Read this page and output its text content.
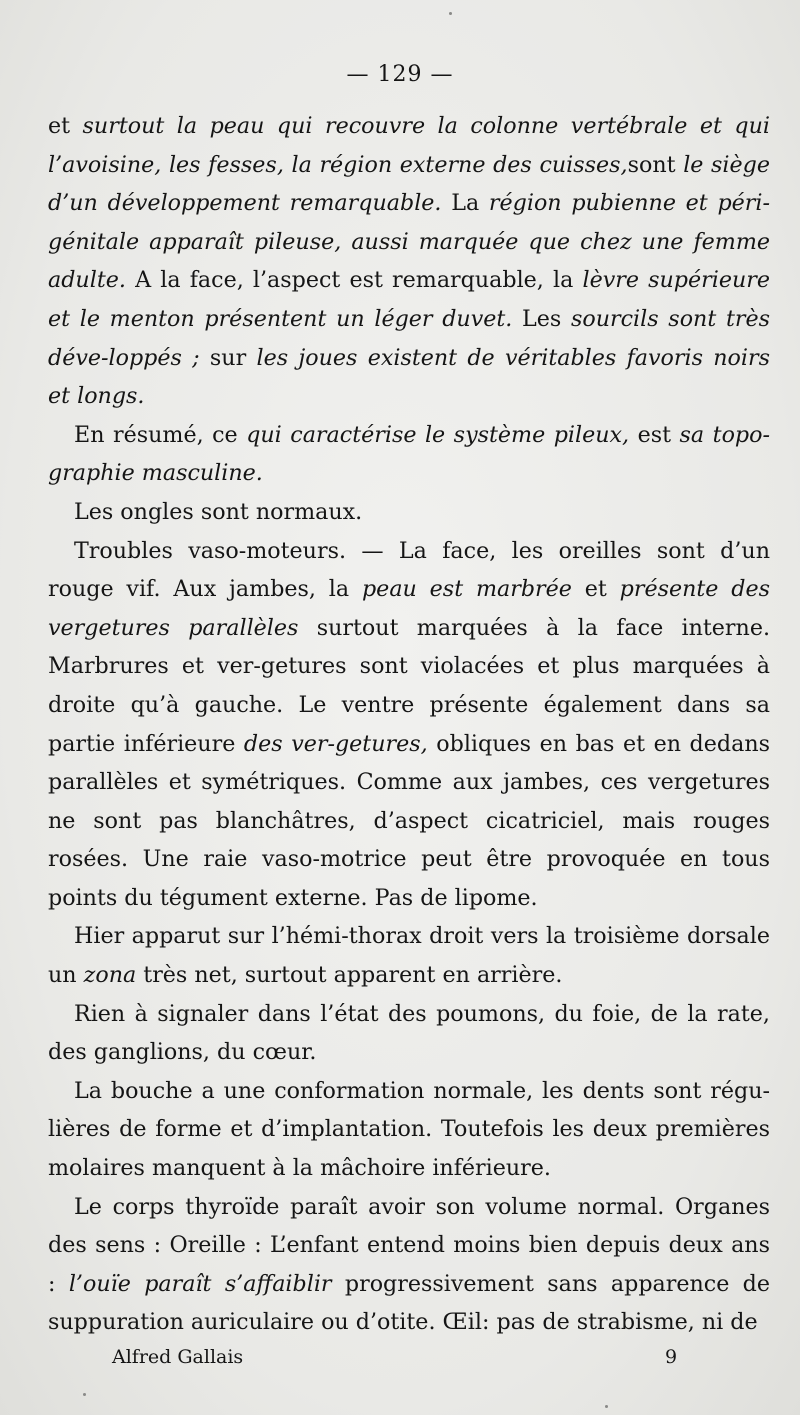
— 129 —

et surtout la peau qui recouvre la colonne vertébrale et qui l’avoisine, les fesses, la région externe des cuisses,sont le siège d’un développement remarquable. La région pubienne et péri-génitale apparaît pileuse, aussi marquée que chez une femme adulte. A la face, l’aspect est remarquable, la lèvre supérieure et le menton présentent un léger duvet. Les sourcils sont très déve-loppés ; sur les joues existent de véritables favoris noirs et longs.

En résumé, ce qui caractérise le système pileux, est sa topo-graphie masculine.

Les ongles sont normaux.

Troubles vaso-moteurs. — La face, les oreilles sont d’un rouge vif. Aux jambes, la peau est marbrée et présente des vergetures parallèles surtout marquées à la face interne. Marbrures et ver-getures sont violacées et plus marquées à droite qu’à gauche. Le ventre présente également dans sa partie inférieure des ver-getures, obliques en bas et en dedans parallèles et symétriques. Comme aux jambes, ces vergetures ne sont pas blanchâtres, d’aspect cicatriciel, mais rouges rosées. Une raie vaso-motrice peut être provoquée en tous points du tégument externe. Pas de lipome.

Hier apparut sur l’hémi-thorax droit vers la troisième dorsale un zona très net, surtout apparent en arrière.

Rien à signaler dans l’état des poumons, du foie, de la rate, des ganglions, du cœur.

La bouche a une conformation normale, les dents sont régu-lières de forme et d’implantation. Toutefois les deux premières molaires manquent à la mâchoire inférieure.

Le corps thyroïde paraît avoir son volume normal. Organes des sens : Oreille : L’enfant entend moins bien depuis deux ans : l’ouïe paraît s’affaiblir progressivement sans apparence de suppuration auriculaire ou d’otite. Œil: pas de strabisme, ni de

Alfred Gallais	9
